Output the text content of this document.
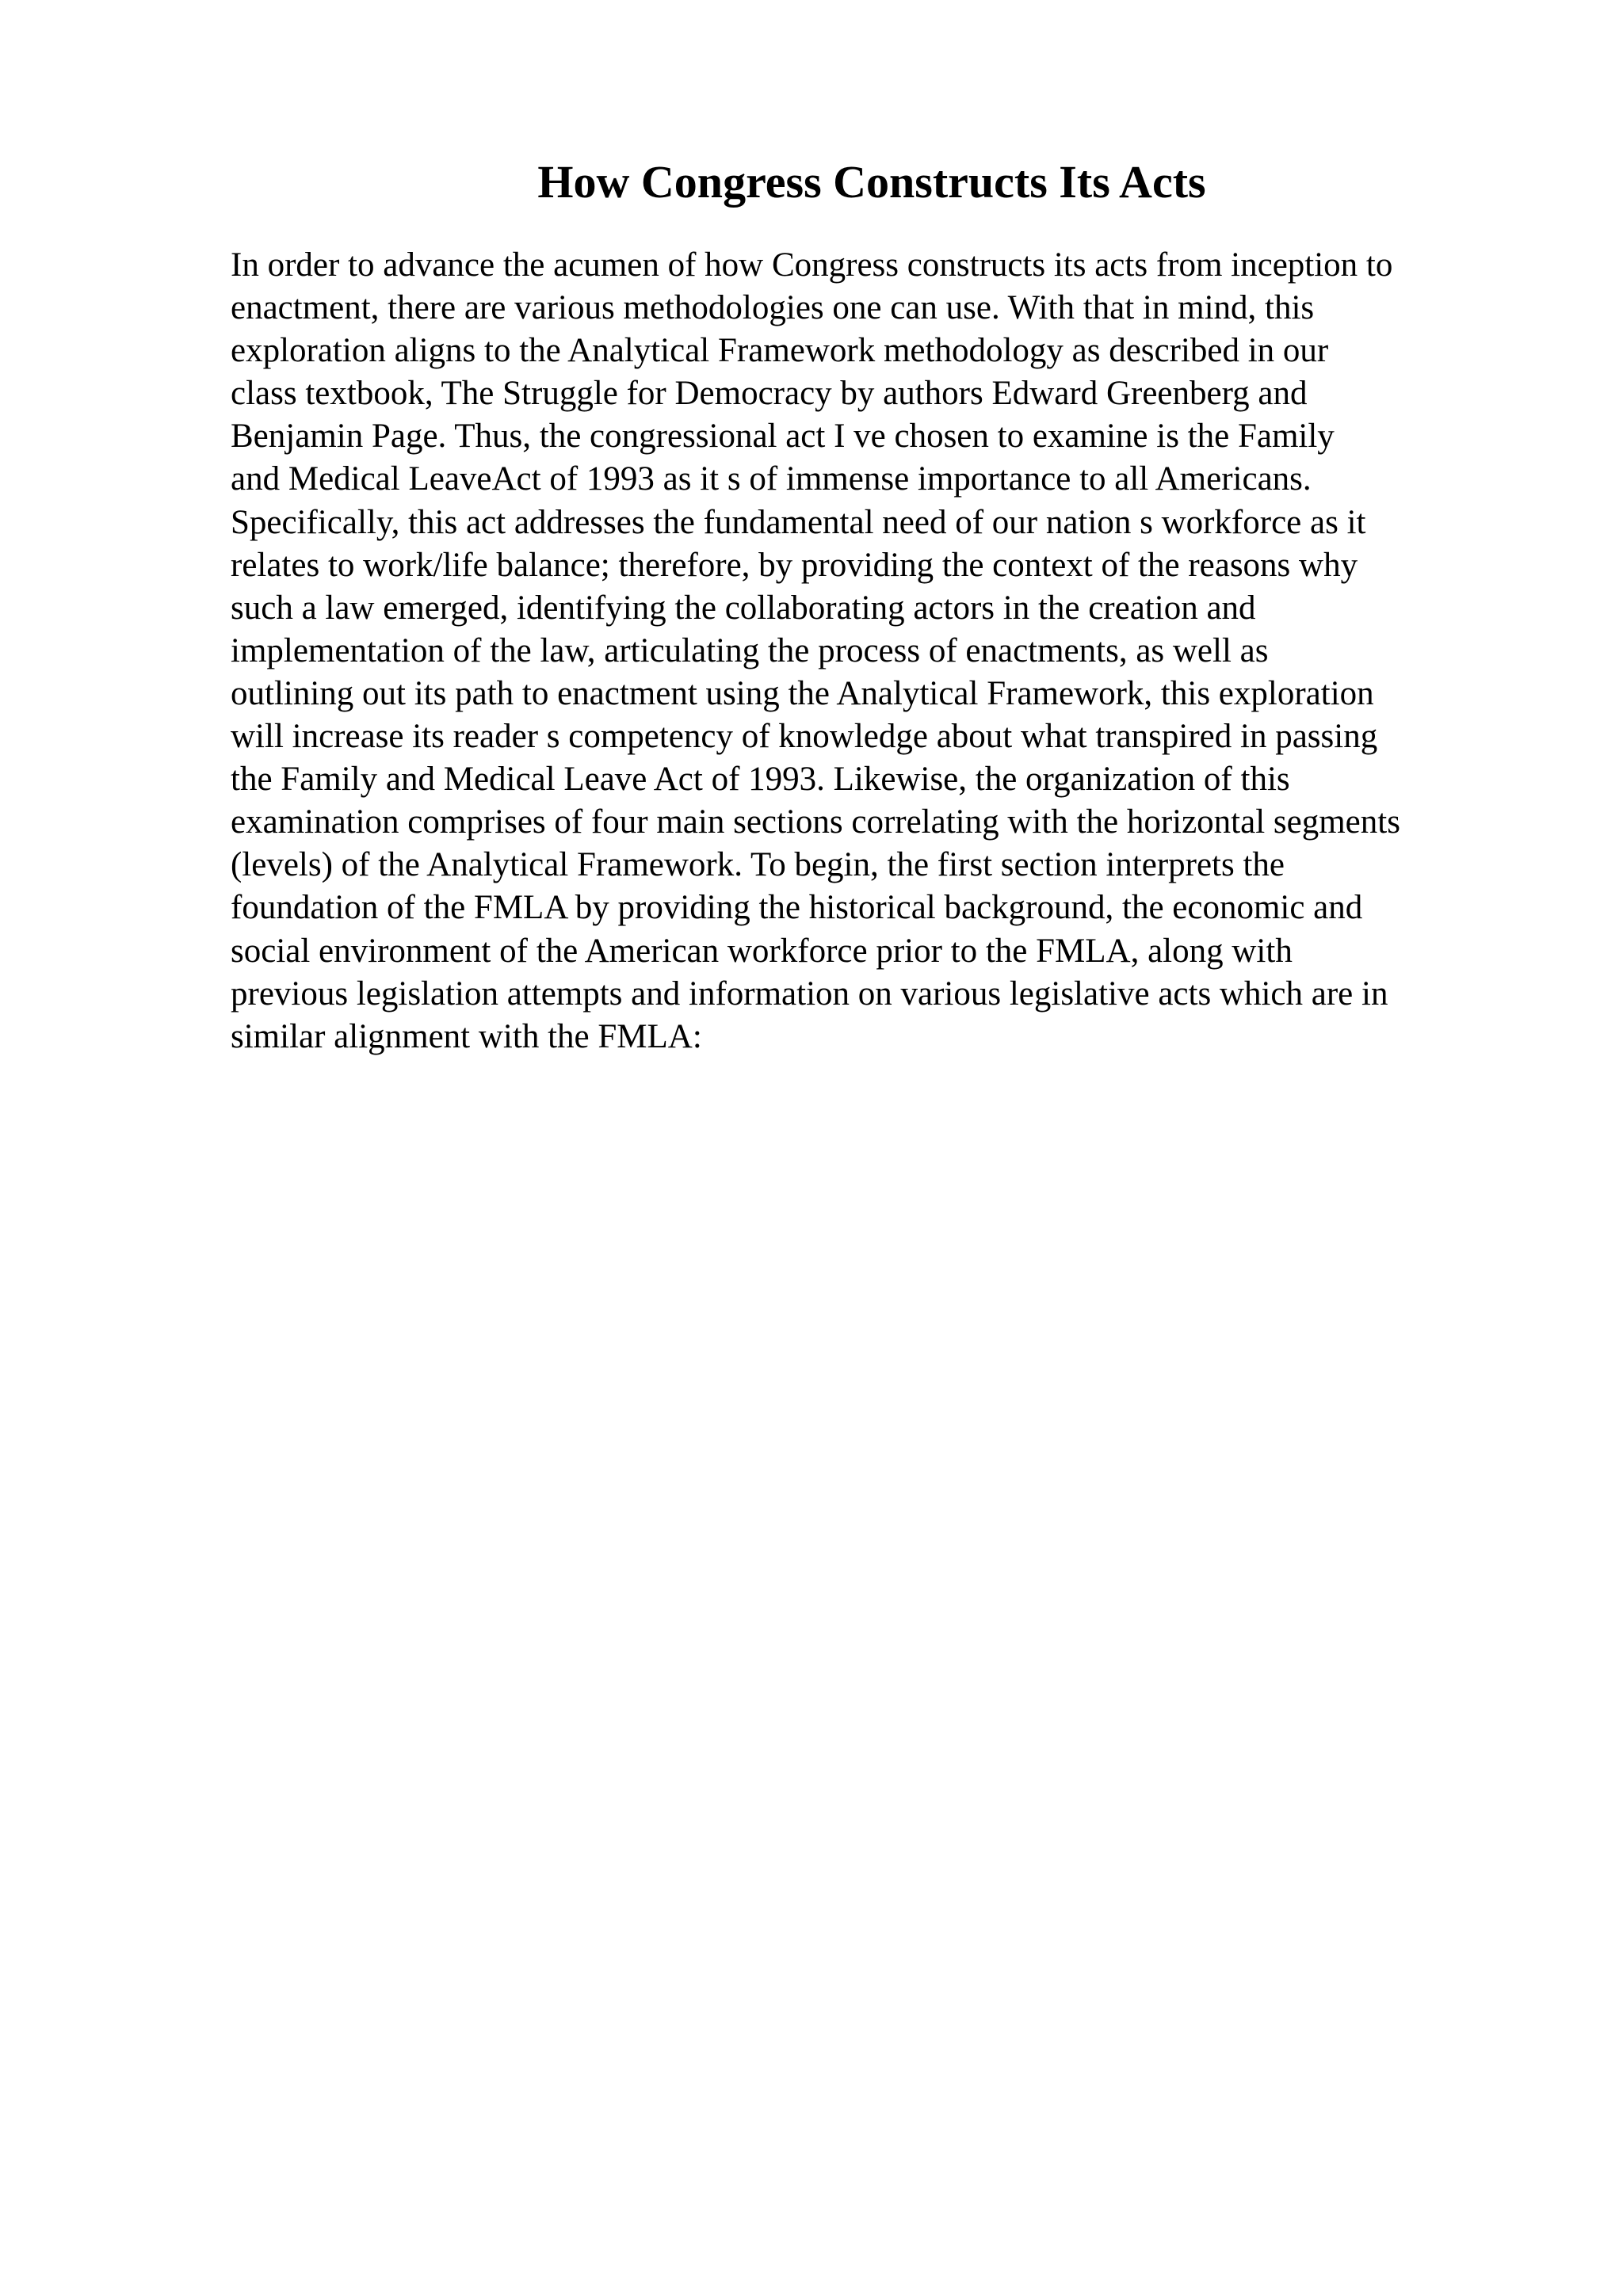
How Congress Constructs Its Acts
In order to advance the acumen of how Congress constructs its acts from inception to
enactment, there are various methodologies one can use. With that in mind, this
exploration aligns to the Analytical Framework methodology as described in our
class textbook, The Struggle for Democracy by authors Edward Greenberg and
Benjamin Page. Thus, the congressional act I ve chosen to examine is the Family
and Medical LeaveAct of 1993 as it s of immense importance to all Americans.
Specifically, this act addresses the fundamental need of our nation s workforce as it
relates to work/life balance; therefore, by providing the context of the reasons why
such a law emerged, identifying the collaborating actors in the creation and
implementation of the law, articulating the process of enactments, as well as
outlining out its path to enactment using the Analytical Framework, this exploration
will increase its reader s competency of knowledge about what transpired in passing
the Family and Medical Leave Act of 1993. Likewise, the organization of this
examination comprises of four main sections correlating with the horizontal segments
(levels) of the Analytical Framework. To begin, the first section interprets the
foundation of the FMLA by providing the historical background, the economic and
social environment of the American workforce prior to the FMLA, along with
previous legislation attempts and information on various legislative acts which are in
similar alignment with the FMLA:
